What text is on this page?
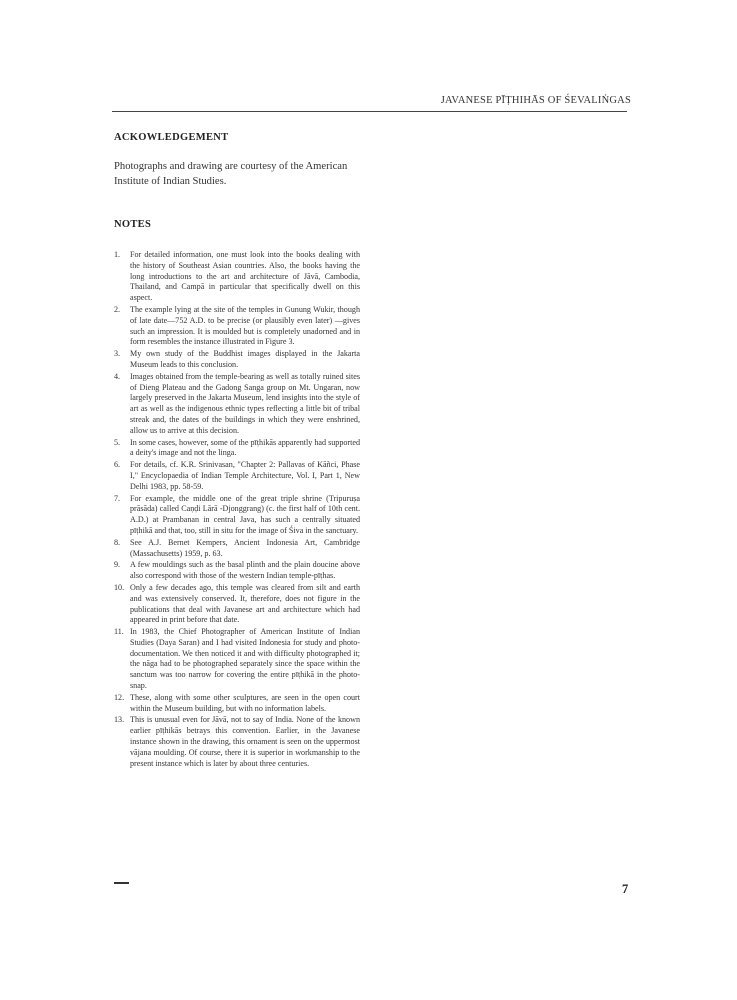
JAVANESE PĪṬHIHĀS OF ŚEVALIṄGAS
ACKOWLEDGEMENT

Photographs and drawing are courtesy of the American Institute of Indian Studies.

NOTES
1. For detailed information, one must look into the books dealing with the history of Southeast Asian countries. Also, the books having the long introductions to the art and architecture of Jāvā, Cambodia, Thailand, and Campā in particular that specifically dwell on this aspect.
2. The example lying at the site of the temples in Gunung Wukir, though of late date—752 A.D. to be precise (or plausibly even later) —gives such an impression. It is moulded but is completely unadorned and in form resembles the instance illustrated in Figure 3.
3. My own study of the Buddhist images displayed in the Jakarta Museum leads to this conclusion.
4. Images obtained from the temple-bearing as well as totally ruined sites of Dieng Plateau and the Gadong Sanga group on Mt. Ungaran, now largely preserved in the Jakarta Museum, lend insights into the style of art as well as the indigenous ethnic types reflecting a little bit of tribal streak and, the dates of the buildings in which they were enshrined, allow us to arrive at this decision.
5. In some cases, however, some of the pīṭhikās apparently had supported a deity's image and not the linga.
6. For details, cf. K.R. Srinivasan, "Chapter 2: Pallavas of Kāñci, Phase I," Encyclopaedia of Indian Temple Architecture, Vol. I, Part 1, New Delhi 1983, pp. 58-59.
7. For example, the middle one of the great triple shrine (Tripuruṣa prāsāda) called Caṇḍi Lārā -Djonggrang) (c. the first half of 10th cent. A.D.) at Prambanan in central Java, has such a centrally situated pīṭhikā and that, too, still in situ for the image of Śiva in the sanctuary.
8. See A.J. Bernet Kempers, Ancient Indonesia Art, Cambridge (Massachusetts) 1959, p. 63.
9. A few mouldings such as the basal plinth and the plain doucine above also correspond with those of the western Indian temple-pīṭhas.
10. Only a few decades ago, this temple was cleared from silt and earth and was extensively conserved. It, therefore, does not figure in the publications that deal with Javanese art and architecture which had appeared in print before that date.
11. In 1983, the Chief Photographer of American Institute of Indian Studies (Daya Saran) and I had visited Indonesia for study and photo-documentation. We then noticed it and with difficulty photographed it; the nāga had to be photographed separately since the space within the sanctum was too narrow for covering the entire pīṭhikā in the photo-snap.
12. These, along with some other sculptures, are seen in the open court within the Museum building, but with no information labels.
13. This is unusual even for Jāvā, not to say of India. None of the known earlier pīṭhikās betrays this convention. Earlier, in the Javanese instance shown in the drawing, this ornament is seen on the uppermost vājana moulding. Of course, there it is superior in workmanship to the present instance which is later by about three centuries.
7
